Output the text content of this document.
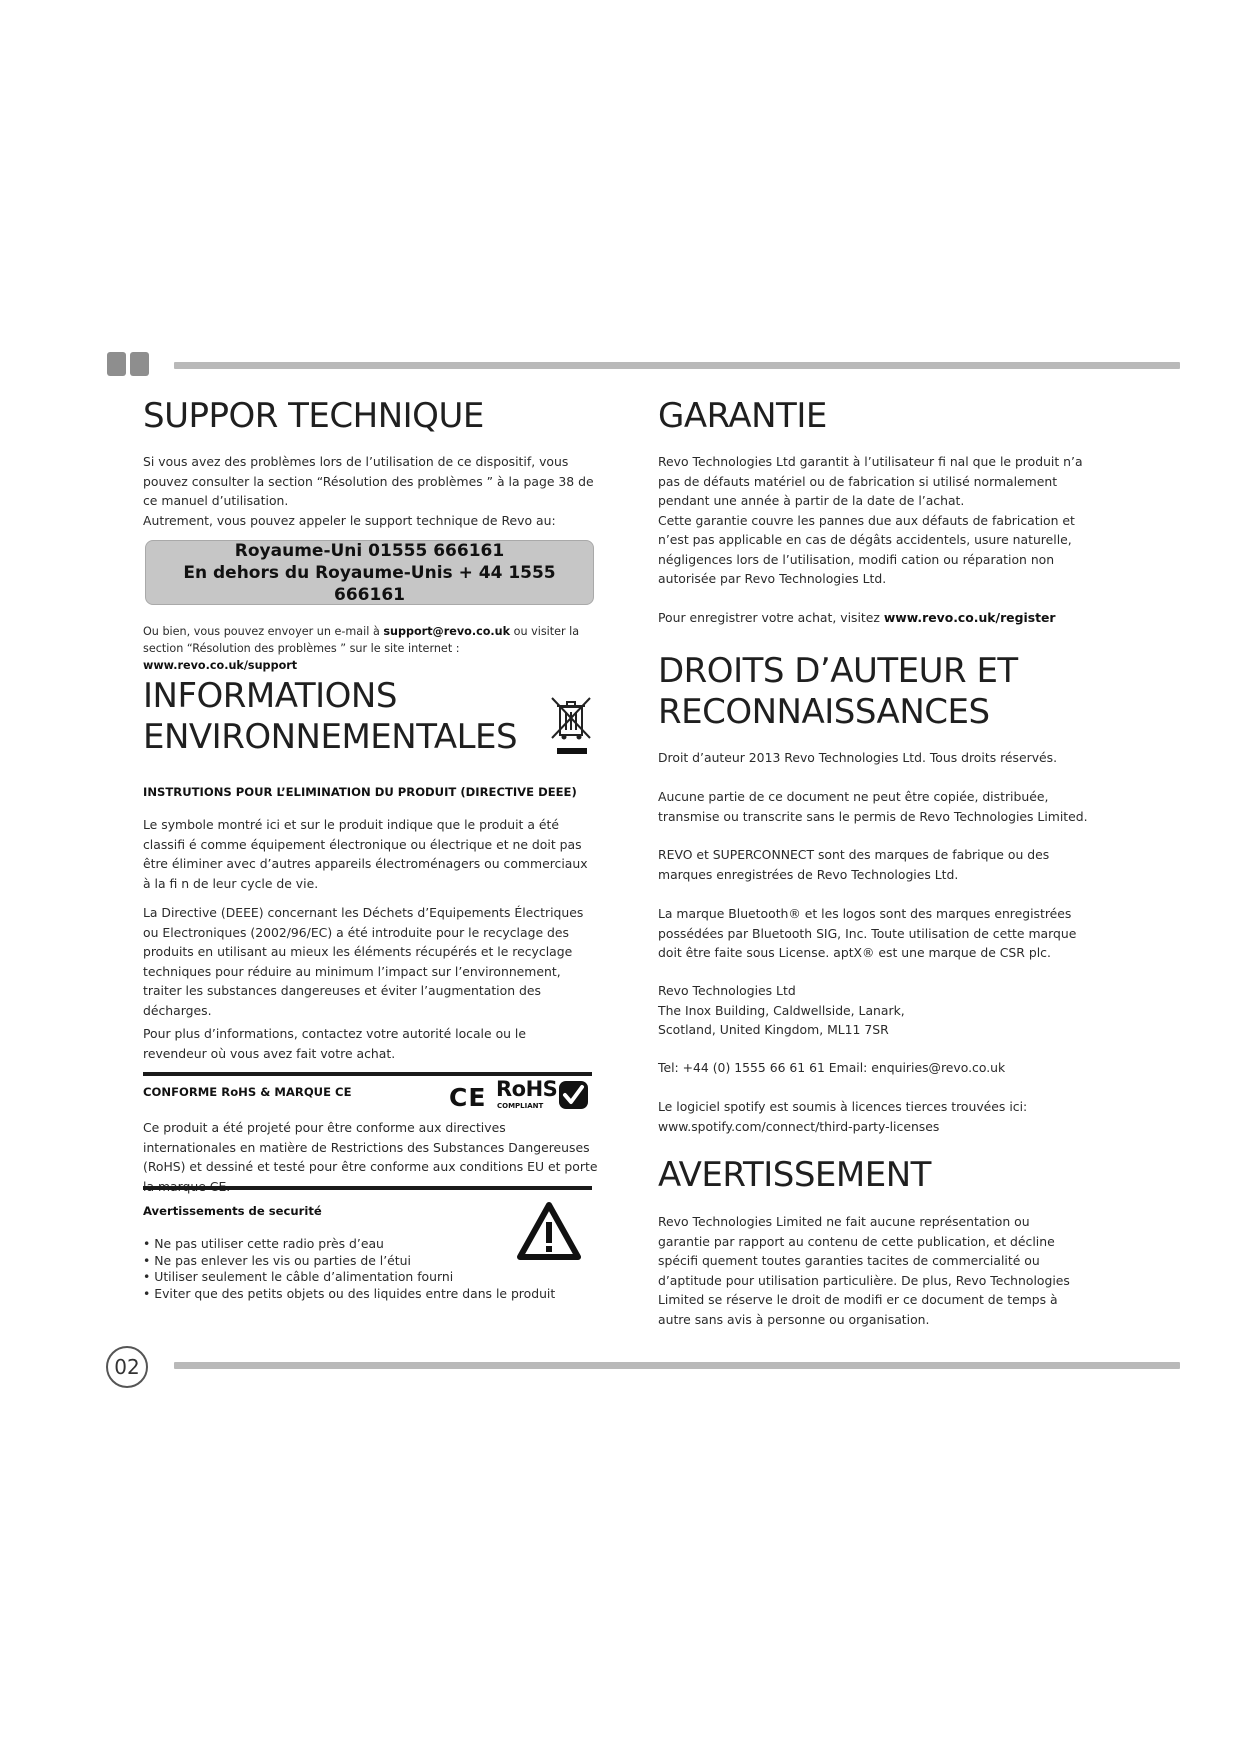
SUPPOR TECHNIQUE

Si vous avez des problèmes lors de l’utilisation de ce dispositif, vous pouvez consulter la section “Résolution des problèmes ” à la page 38 de ce manuel d’utilisation.
Autrement, vous pouvez appeler le support technique de Revo au:

Royaume-Uni 01555 666161
En dehors du Royaume-Unis + 44 1555 666161

Ou bien, vous pouvez envoyer un e-mail à support@revo.co.uk ou visiter la section “Résolution des problèmes ” sur le site internet : www.revo.co.uk/support

INFORMATIONS
ENVIRONNEMENTALES

INSTRUTIONS POUR L’ELIMINATION DU PRODUIT (DIRECTIVE DEEE)

Le symbole montré ici et sur le produit indique que le produit a été classifi é comme équipement électronique ou électrique et ne doit pas être éliminer avec d’autres appareils électroménagers ou commerciaux à la fi n de leur cycle de vie.

La Directive (DEEE) concernant les Déchets d’Equipements Électriques ou Electroniques (2002/96/EC) a été introduite pour le recyclage des produits en utilisant au mieux les éléments récupérés et le recyclage techniques pour réduire au minimum l’impact sur l’environnement, traiter les substances dangereuses et éviter l’augmentation des décharges.

Pour plus d’informations, contactez votre autorité locale ou le revendeur où vous avez fait votre achat.

CONFORME RoHS & MARQUE CE	CE RoHS
COMPLIANT

Ce produit a été projeté pour être conforme aux directives internationales en matière de Restrictions des Substances Dangereuses (RoHS) et dessiné et testé pour être conforme aux conditions EU et porte

Avertissements de securité

• Ne pas utiliser cette radio près d’eau
• Ne pas enlever les vis ou parties de l’étui
• Utiliser seulement le câble d’alimentation fourni
• Eviter que des petits objets ou des liquides entre dans le produit
GARANTIE

Revo Technologies Ltd garantit à l’utilisateur fi nal que le produit n’a pas de défauts matériel ou de fabrication si utilisé normalement pendant une année à partir de la date de l’achat.
Cette garantie couvre les pannes due aux défauts de fabrication et n’est pas applicable en cas de dégâts accidentels, usure naturelle, négligences lors de l’utilisation, modifi cation ou réparation non autorisée par Revo Technologies Ltd.

Pour enregistrer votre achat, visitez www.revo.co.uk/register

DROITS D’AUTEUR ET
RECONNAISSANCES

Droit d’auteur 2013 Revo Technologies Ltd. Tous droits réservés.

Aucune partie de ce document ne peut être copiée, distribuée, transmise ou transcrite sans le permis de Revo Technologies Limited.

REVO et SUPERCONNECT sont des marques de fabrique ou des marques enregistrées de Revo Technologies Ltd.

La marque Bluetooth® et les logos sont des marques enregistrées possédées par Bluetooth SIG, Inc. Toute utilisation de cette marque doit être faite sous License. aptX® est une marque de CSR plc.

Revo Technologies Ltd
The Inox Building, Caldwellside, Lanark,
Scotland, United Kingdom, ML11 7SR

Tel: +44 (0) 1555 66 61 61 Email: enquiries@revo.co.uk

Le logiciel spotify est soumis à licences tierces trouvées ici: www.spotify.com/connect/third-party-licenses

AVERTISSEMENT

Revo Technologies Limited ne fait aucune représentation ou garantie par rapport au contenu de cette publication, et décline spécifi quement toutes garanties tacites de commercialité ou d’aptitude pour utilisation particulière. De plus, Revo Technologies Limited se réserve le droit de modifi er ce document de temps à autre sans avis à personne ou organisation.

02
